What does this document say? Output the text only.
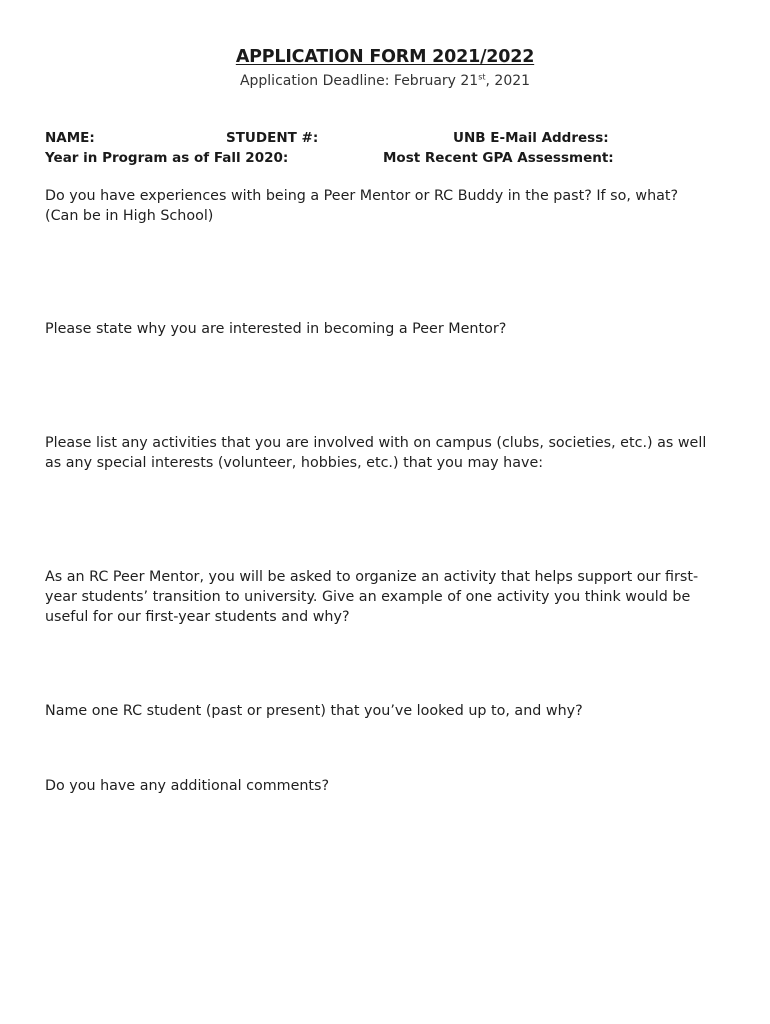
APPLICATION FORM 2021/2022
Application Deadline: February 21st, 2021
NAME:	STUDENT #:	UNB E-Mail Address:
Year in Program as of Fall 2020:	Most Recent GPA Assessment:
Do you have experiences with being a Peer Mentor or RC Buddy in the past? If so, what?
(Can be in High School)
Please state why you are interested in becoming a Peer Mentor?
Please list any activities that you are involved with on campus (clubs, societies, etc.) as well
as any special interests (volunteer, hobbies, etc.) that you may have:
As an RC Peer Mentor, you will be asked to organize an activity that helps support our first-
year students’ transition to university. Give an example of one activity you think would be
useful for our first-year students and why?
Name one RC student (past or present) that you’ve looked up to, and why?
Do you have any additional comments?
